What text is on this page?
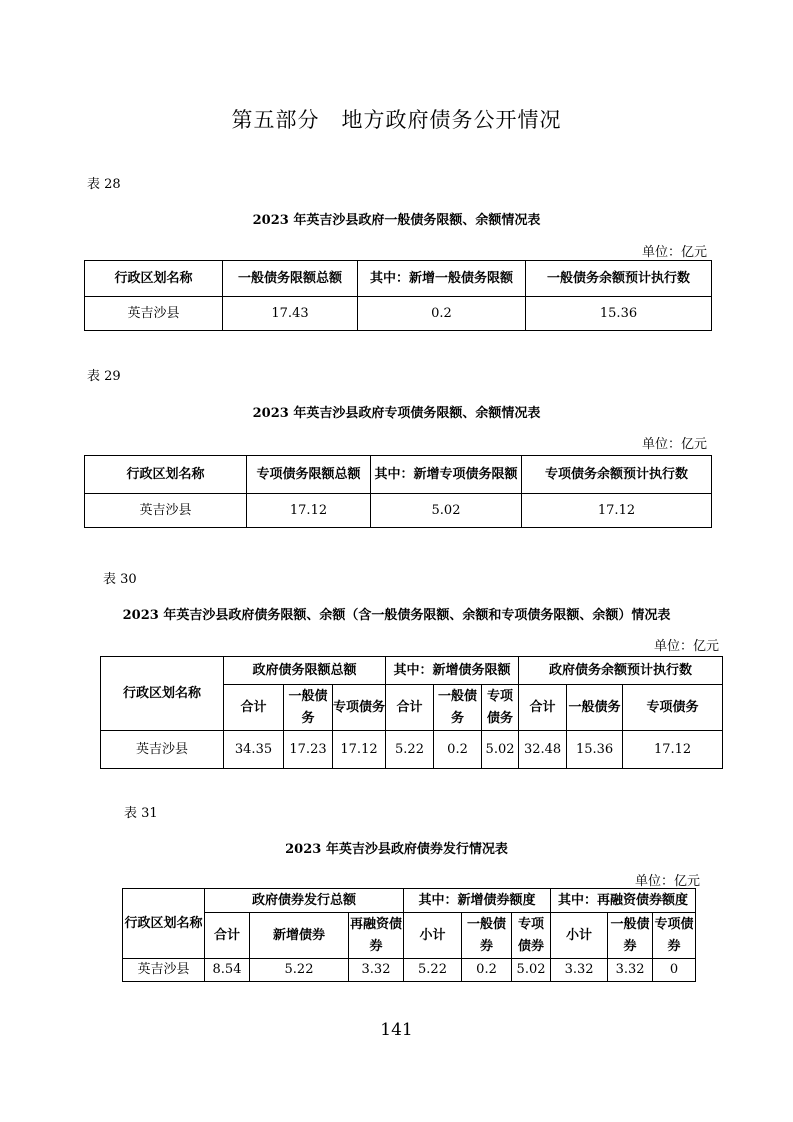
第五部分　地方政府债务公开情况
表 28
2023 年英吉沙县政府一般债务限额、余额情况表
单位：亿元
行政区划名称	一般债务限额总额	其中：新增一般债务限额	一般债务余额预计执行数
英吉沙县	17.43	0.2	15.36
表 29
2023 年英吉沙县政府专项债务限额、余额情况表
单位：亿元
行政区划名称	专项债务限额总额	其中：新增专项债务限额	专项债务余额预计执行数
英吉沙县	17.12	5.02	17.12
表 30
2023 年英吉沙县政府债务限额、余额（含一般债务限额、余额和专项债务限额、余额）情况表
单位：亿元
行政区划名称	政府债务限额总额			其中：新增债务限额			政府债务余额预计执行数		
	合计	一般债务	专项债务	合计	一般债务	专项债务	合计	一般债务	专项债务
英吉沙县	34.35	17.23	17.12	5.22	0.2	5.02	32.48	15.36	17.12
表 31
2023 年英吉沙县政府债券发行情况表
单位：亿元
行政区划名称	政府债券发行总额			其中：新增债券额度			其中：再融资债券额度		
	合计	新增债券	再融资债券	小计	一般债券	专项债券	小计	一般债券	专项债券
英吉沙县	8.54	5.22	3.32	5.22	0.2	5.02	3.32	3.32	0
141
